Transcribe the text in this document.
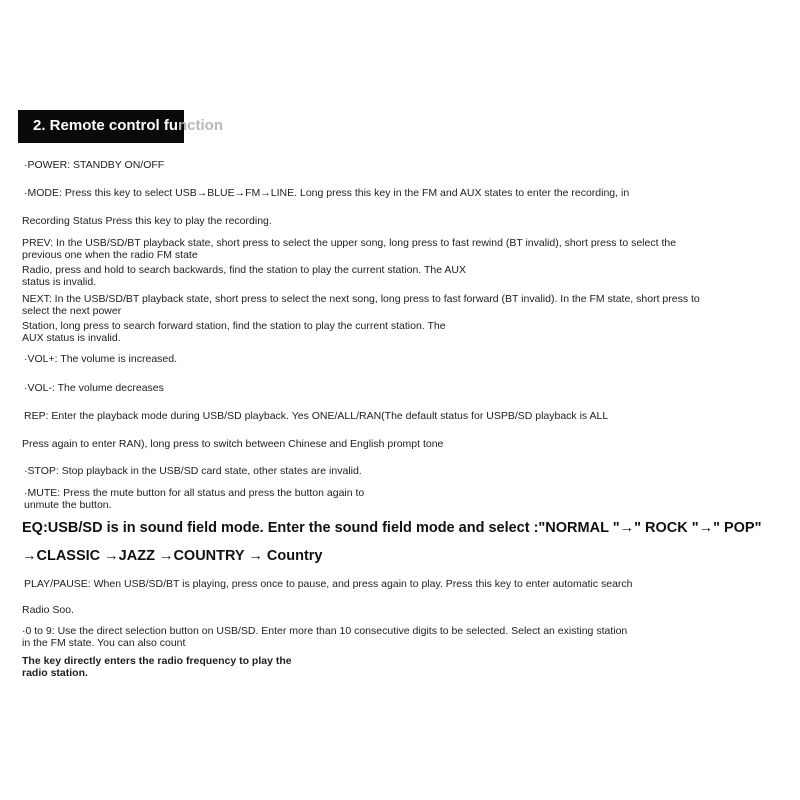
2. Remote control function
·POWER: STANDBY ON/OFF
·MODE: Press this key to select USB→BLUE→FM→LINE. Long press this key in the FM and AUX states to enter the recording, in
Recording Status Press this key to play the recording.
PREV: In the USB/SD/BT playback state, short press to select the upper song, long press to fast rewind (BT invalid), short press to select the
previous one when the radio FM state
Radio, press and hold to search backwards, find the station to play the current station. The AUX
status is invalid.
NEXT: In the USB/SD/BT playback state, short press to select the next song, long press to fast forward (BT invalid). In the FM state, short press to
select the next power
Station, long press to search forward station, find the station to play the current station. The
AUX status is invalid.
·VOL+: The volume is increased.
·VOL-: The volume decreases
REP: Enter the playback mode during USB/SD playback. Yes ONE/ALL/RAN(The default status for USPB/SD playback is ALL
Press again to enter RAN), long press to switch between Chinese and English prompt tone
·STOP: Stop playback in the USB/SD card state, other states are invalid.
·MUTE: Press the mute button for all status and press the button again to
unmute the button.
EQ:USB/SD is in sound field mode. Enter the sound field mode and select :"NORMAL "→" ROCK "→" POP"
→CLASSIC →JAZZ →COUNTRY → Country
PLAY/PAUSE: When USB/SD/BT is playing, press once to pause, and press again to play. Press this key to enter automatic search
Radio Soo.
·0 to 9: Use the direct selection button on USB/SD. Enter more than 10 consecutive digits to be selected. Select an existing station
in the FM state. You can also count
The key directly enters the radio frequency to play the
radio station.
